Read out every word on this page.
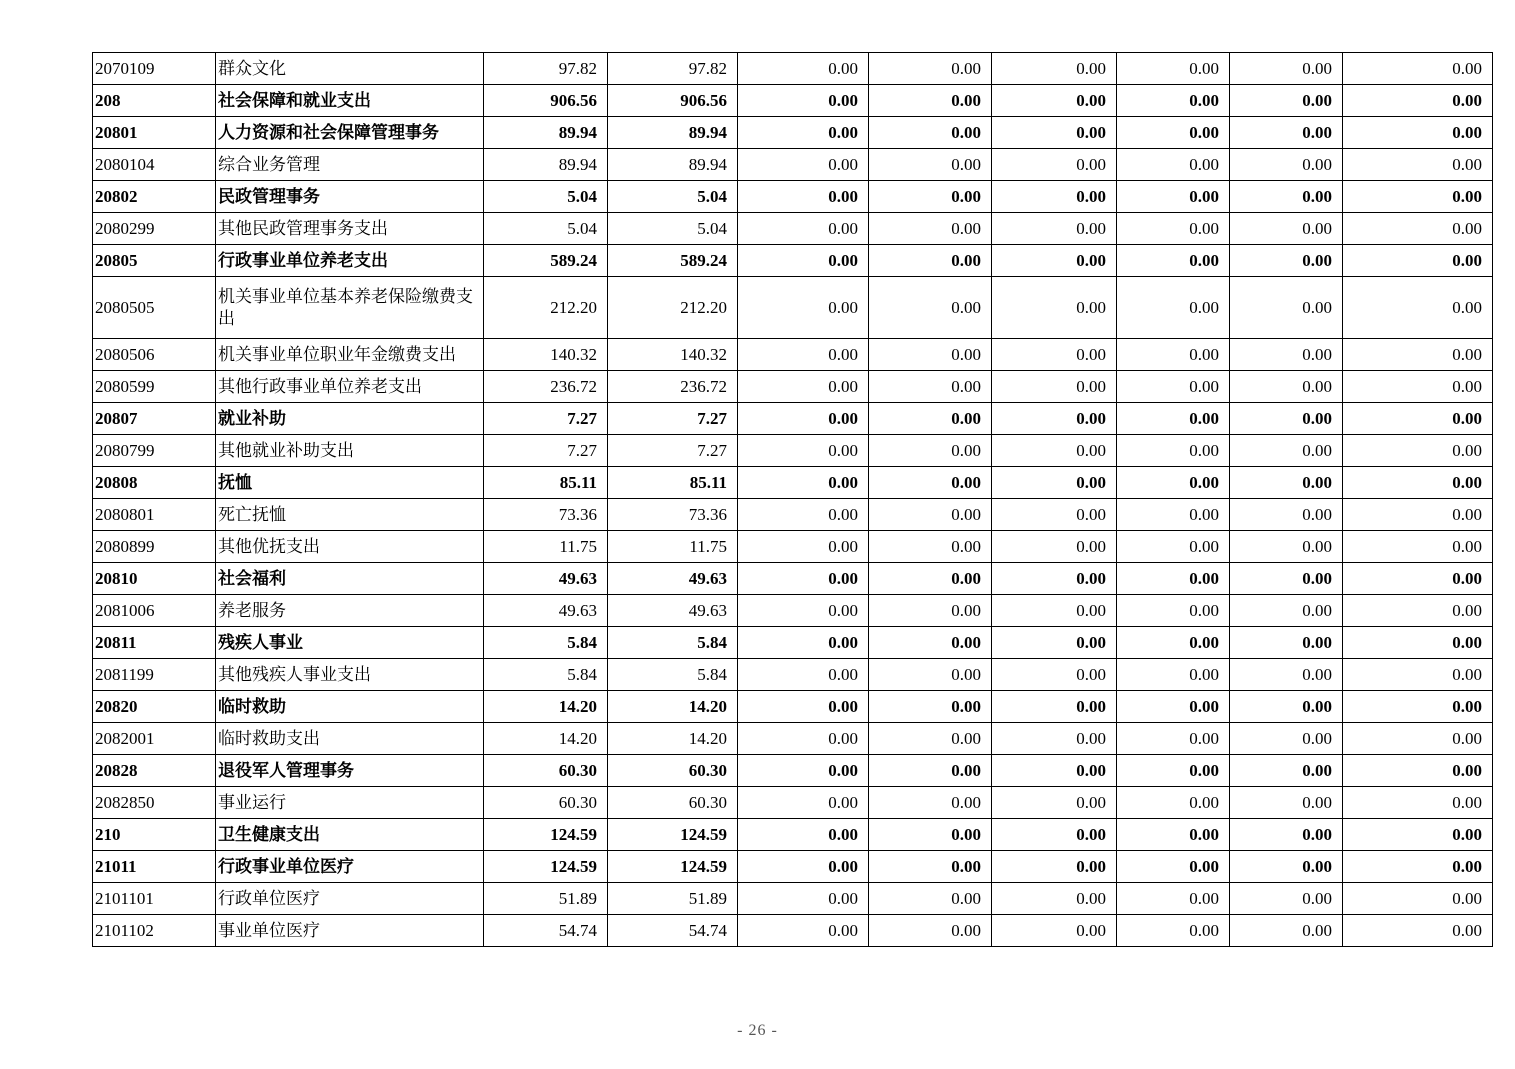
2070109	群众文化	97.82	97.82	0.00	0.00	0.00	0.00	0.00	0.00
208	社会保障和就业支出	906.56	906.56	0.00	0.00	0.00	0.00	0.00	0.00
20801	人力资源和社会保障管理事务	89.94	89.94	0.00	0.00	0.00	0.00	0.00	0.00
2080104	综合业务管理	89.94	89.94	0.00	0.00	0.00	0.00	0.00	0.00
20802	民政管理事务	5.04	5.04	0.00	0.00	0.00	0.00	0.00	0.00
2080299	其他民政管理事务支出	5.04	5.04	0.00	0.00	0.00	0.00	0.00	0.00
20805	行政事业单位养老支出	589.24	589.24	0.00	0.00	0.00	0.00	0.00	0.00
2080505	机关事业单位基本养老保险缴费支出	212.20	212.20	0.00	0.00	0.00	0.00	0.00	0.00
2080506	机关事业单位职业年金缴费支出	140.32	140.32	0.00	0.00	0.00	0.00	0.00	0.00
2080599	其他行政事业单位养老支出	236.72	236.72	0.00	0.00	0.00	0.00	0.00	0.00
20807	就业补助	7.27	7.27	0.00	0.00	0.00	0.00	0.00	0.00
2080799	其他就业补助支出	7.27	7.27	0.00	0.00	0.00	0.00	0.00	0.00
20808	抚恤	85.11	85.11	0.00	0.00	0.00	0.00	0.00	0.00
2080801	死亡抚恤	73.36	73.36	0.00	0.00	0.00	0.00	0.00	0.00
2080899	其他优抚支出	11.75	11.75	0.00	0.00	0.00	0.00	0.00	0.00
20810	社会福利	49.63	49.63	0.00	0.00	0.00	0.00	0.00	0.00
2081006	养老服务	49.63	49.63	0.00	0.00	0.00	0.00	0.00	0.00
20811	残疾人事业	5.84	5.84	0.00	0.00	0.00	0.00	0.00	0.00
2081199	其他残疾人事业支出	5.84	5.84	0.00	0.00	0.00	0.00	0.00	0.00
20820	临时救助	14.20	14.20	0.00	0.00	0.00	0.00	0.00	0.00
2082001	临时救助支出	14.20	14.20	0.00	0.00	0.00	0.00	0.00	0.00
20828	退役军人管理事务	60.30	60.30	0.00	0.00	0.00	0.00	0.00	0.00
2082850	事业运行	60.30	60.30	0.00	0.00	0.00	0.00	0.00	0.00
210	卫生健康支出	124.59	124.59	0.00	0.00	0.00	0.00	0.00	0.00
21011	行政事业单位医疗	124.59	124.59	0.00	0.00	0.00	0.00	0.00	0.00
2101101	行政单位医疗	51.89	51.89	0.00	0.00	0.00	0.00	0.00	0.00
2101102	事业单位医疗	54.74	54.74	0.00	0.00	0.00	0.00	0.00	0.00
- 26 -
